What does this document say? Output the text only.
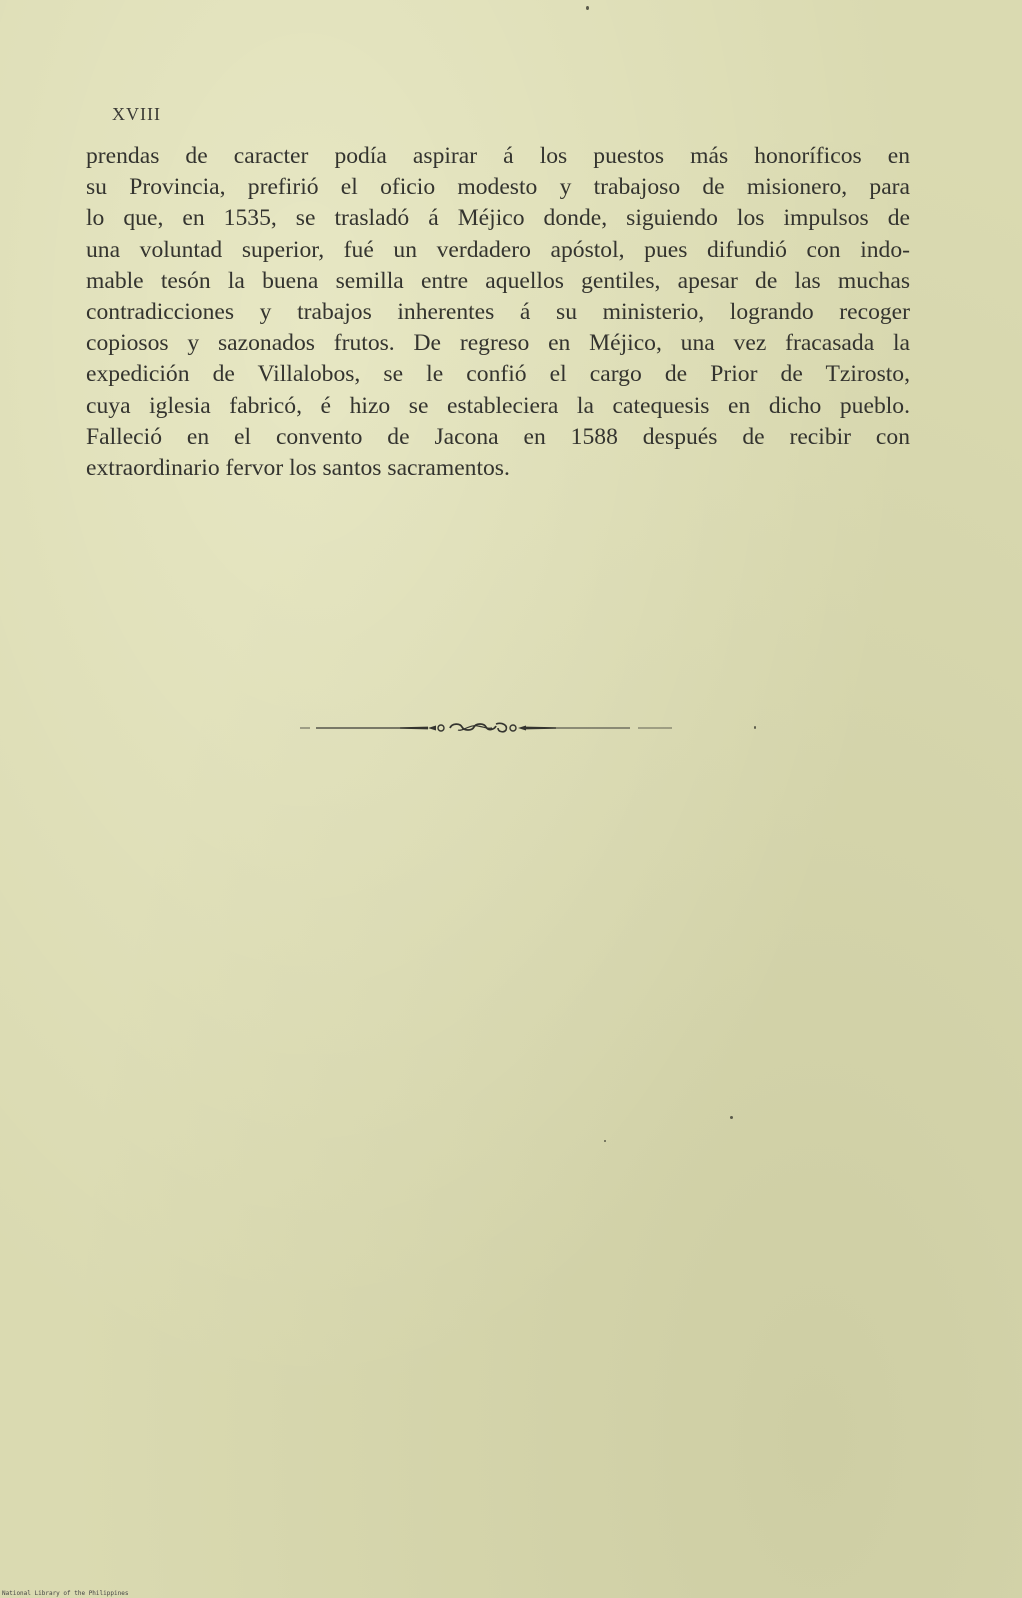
XVIII
prendas de caracter podía aspirar á los puestos más honoríficos en
su Provincia, prefirió el oficio modesto y trabajoso de misionero, para
lo que, en 1535, se trasladó á Méjico donde, siguiendo los impulsos de
una voluntad superior, fué un verdadero apóstol, pues difundió con indo-
mable tesón la buena semilla entre aquellos gentiles, apesar de las muchas
contradicciones y trabajos inherentes á su ministerio, logrando recoger
copiosos y sazonados frutos. De regreso en Méjico, una vez fracasada la
expedición de Villalobos, se le confió el cargo de Prior de Tzirosto,
cuya iglesia fabricó, é hizo se estableciera la catequesis en dicho pueblo.
Falleció en el convento de Jacona en 1588 después de recibir con
extraordinario fervor los santos sacramentos.
National Library of the Philippines
